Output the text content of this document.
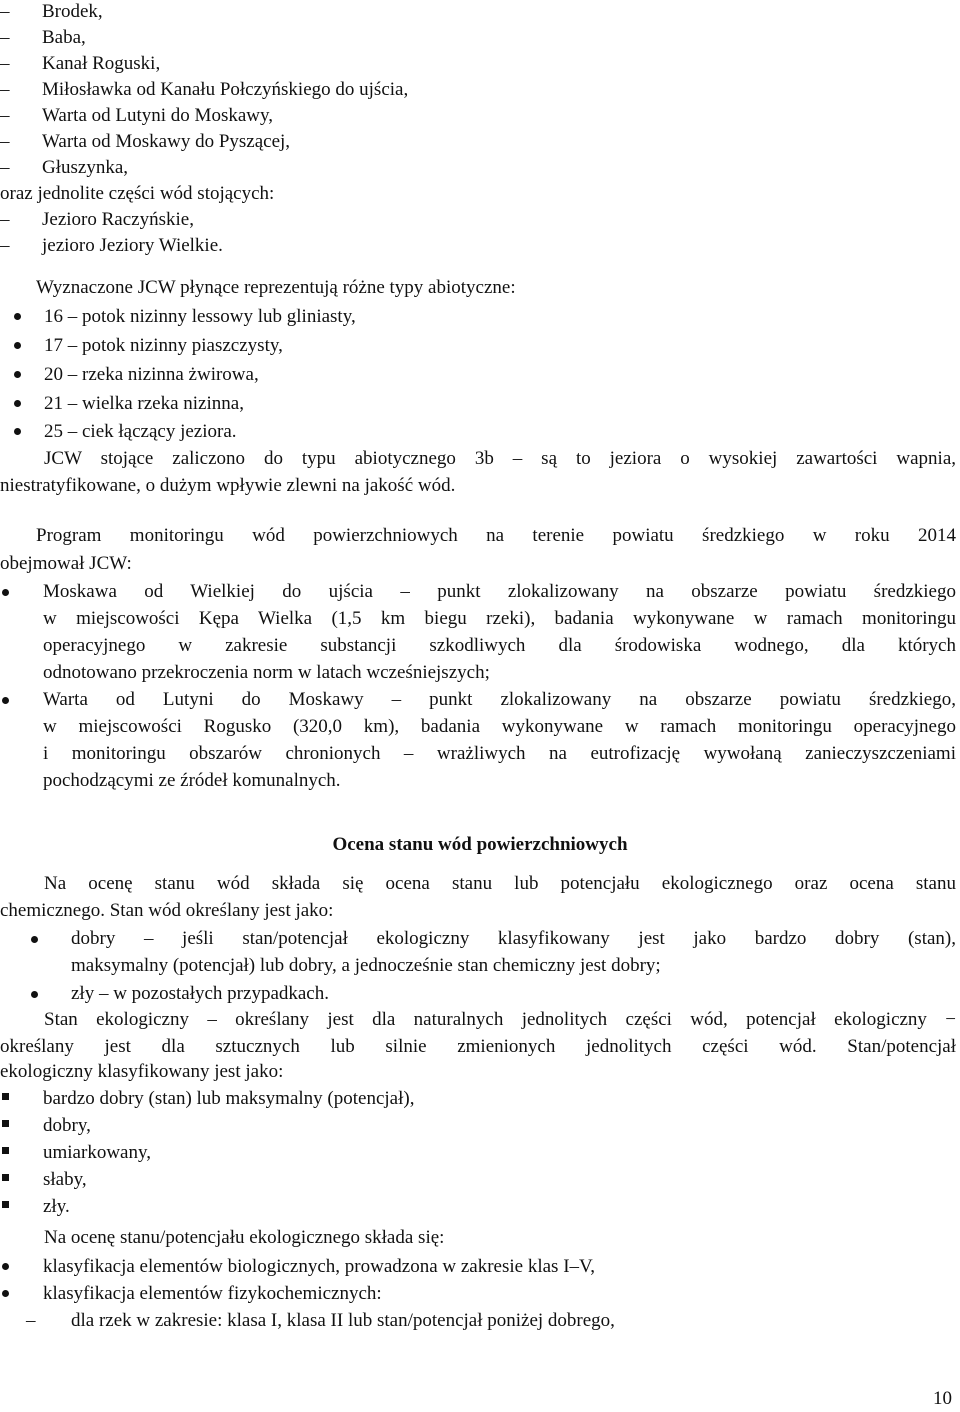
–	Brodek,
–	Baba,
–	Kanał Roguski,
–	Miłosławka od Kanału Połczyńskiego do ujścia,
–	Warta od Lutyni do Moskawy,
–	Warta od Moskawy do Pyszącej,
–	Głuszynka,
oraz jednolite części wód stojących:
–	Jezioro Raczyńskie,
–	jezioro Jeziory Wielkie.
Wyznaczone JCW płynące reprezentują różne typy abiotyczne:
16 – potok nizinny lessowy lub gliniasty,
17 – potok nizinny piaszczysty,
20 – rzeka nizinna żwirowa,
21 – wielka rzeka nizinna,
25 – ciek łączący jeziora.
JCW stojące zaliczono do typu abiotycznego 3b – są to jeziora o wysokiej zawartości wapnia,
niestratyfikowane, o dużym wpływie zlewni na jakość wód.
Program monitoringu wód powierzchniowych na terenie powiatu średzkiego w roku 2014
obejmował JCW:
Moskawa od Wielkiej do ujścia – punkt zlokalizowany na obszarze powiatu średzkiego
w miejscowości Kępa Wielka (1,5 km biegu rzeki), badania wykonywane w ramach monitoringu
operacyjnego w zakresie substancji szkodliwych dla środowiska wodnego, dla których
odnotowano przekroczenia norm w latach wcześniejszych;
Warta od Lutyni do Moskawy – punkt zlokalizowany na obszarze powiatu średzkiego,
w miejscowości Rogusko (320,0 km), badania wykonywane w ramach monitoringu operacyjnego
i monitoringu obszarów chronionych – wrażliwych na eutrofizację wywołaną zanieczyszczeniami
pochodzącymi ze źródeł komunalnych.
Ocena stanu wód powierzchniowych
Na ocenę stanu wód składa się ocena stanu lub potencjału ekologicznego oraz ocena stanu
chemicznego. Stan wód określany jest jako:
dobry – jeśli stan/potencjał ekologiczny klasyfikowany jest jako bardzo dobry (stan),
maksymalny (potencjał) lub dobry, a jednocześnie stan chemiczny jest dobry;
zły – w pozostałych przypadkach.
Stan ekologiczny – określany jest dla naturalnych jednolitych części wód, potencjał ekologiczny −
określany jest dla sztucznych lub silnie zmienionych jednolitych części wód. Stan/potencjał
ekologiczny klasyfikowany jest jako:
bardzo dobry (stan) lub maksymalny (potencjał),
dobry,
umiarkowany,
słaby,
zły.
Na ocenę stanu/potencjału ekologicznego składa się:
klasyfikacja elementów biologicznych, prowadzona w zakresie klas I–V,
klasyfikacja elementów fizykochemicznych:
– dla rzek w zakresie: klasa I, klasa II lub stan/potencjał poniżej dobrego,
10
